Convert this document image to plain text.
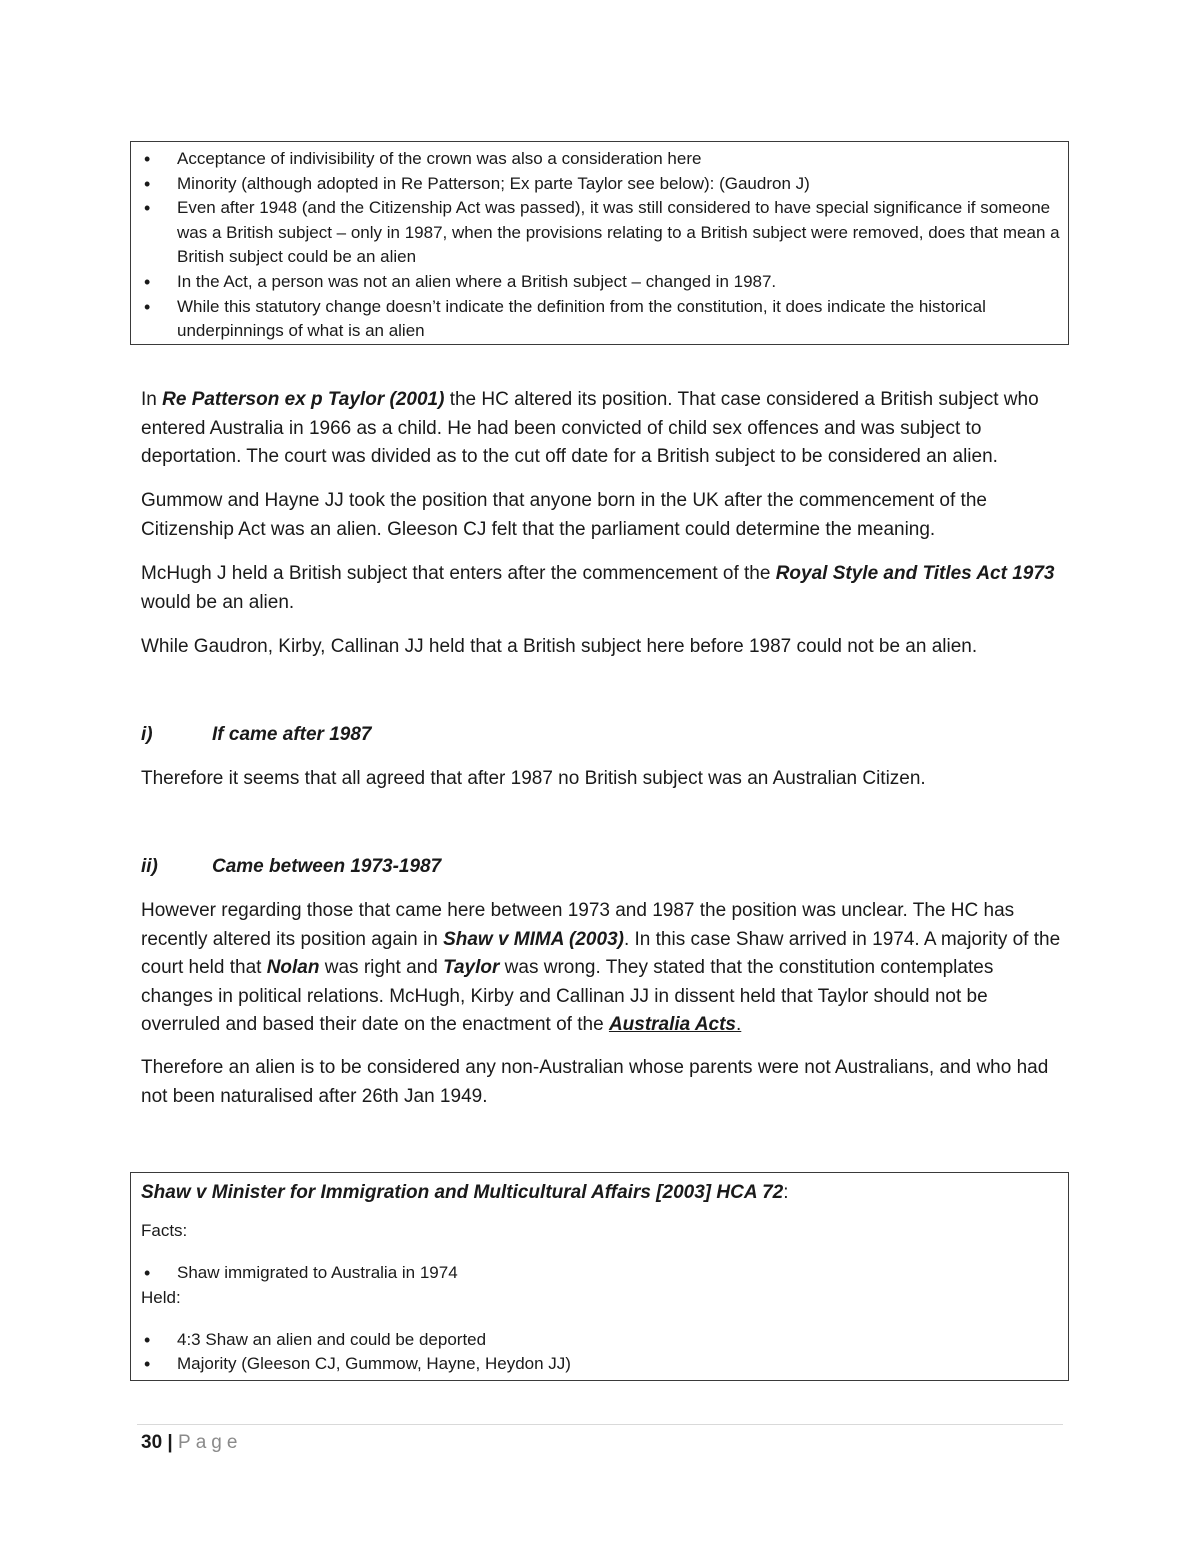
• Acceptance of indivisibility of the crown was also a consideration here
• Minority (although adopted in Re Patterson; Ex parte Taylor see below): (Gaudron J)
• Even after 1948 (and the Citizenship Act was passed), it was still considered to have special significance if someone was a British subject – only in 1987, when the provisions relating to a British subject were removed, does that mean a British subject could be an alien
• In the Act, a person was not an alien where a British subject – changed in 1987.
• While this statutory change doesn’t indicate the definition from the constitution, it does indicate the historical underpinnings of what is an alien

In Re Patterson ex p Taylor (2001) the HC altered its position. That case considered a British subject who entered Australia in 1966 as a child. He had been convicted of child sex offences and was subject to deportation. The court was divided as to the cut off date for a British subject to be considered an alien.

Gummow and Hayne JJ took the position that anyone born in the UK after the commencement of the Citizenship Act was an alien. Gleeson CJ felt that the parliament could determine the meaning.

McHugh J held a British subject that enters after the commencement of the Royal Style and Titles Act 1973 would be an alien.

While Gaudron, Kirby, Callinan JJ held that a British subject here before 1987 could not be an alien.

i)	If came after 1987

Therefore it seems that all agreed that after 1987 no British subject was an Australian Citizen.

ii)	Came between 1973-1987

However regarding those that came here between 1973 and 1987 the position was unclear. The HC has recently altered its position again in Shaw v MIMA (2003). In this case Shaw arrived in 1974. A majority of the court held that Nolan was right and Taylor was wrong. They stated that the constitution contemplates changes in political relations. McHugh, Kirby and Callinan JJ in dissent held that Taylor should not be overruled and based their date on the enactment of the Australia Acts.

Therefore an alien is to be considered any non-Australian whose parents were not Australians, and who had not been naturalised after 26th Jan 1949.

Shaw v Minister for Immigration and Multicultural Affairs [2003] HCA 72:

Facts:

• Shaw immigrated to Australia in 1974

Held:

• 4:3 Shaw an alien and could be deported
• Majority (Gleeson CJ, Gummow, Hayne, Heydon JJ)
30 | Page
